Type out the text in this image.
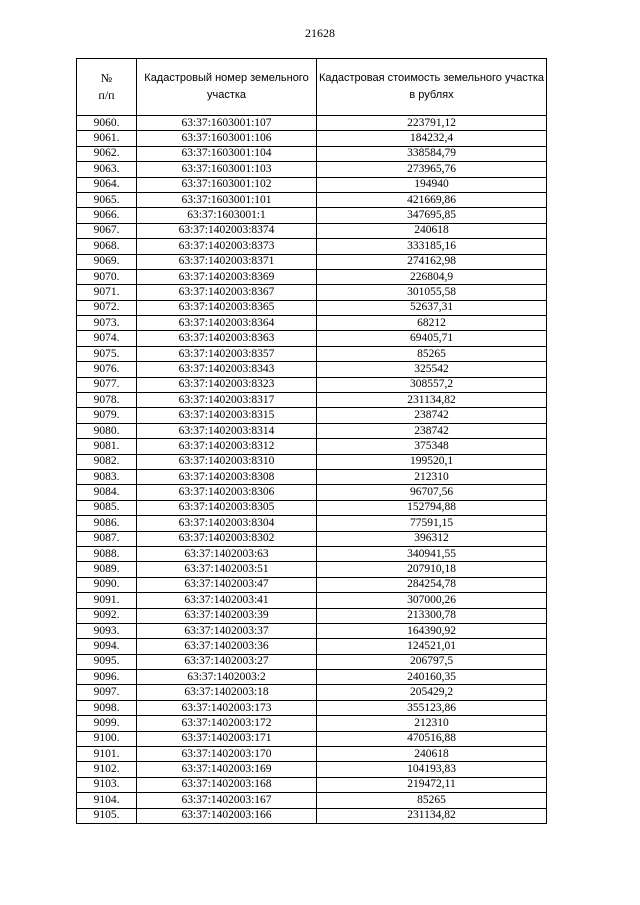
21628
№
п/п	Кадастровый номер земельного участка	Кадастровая стоимость земельного участка в рублях
9060.	63:37:1603001:107	223791,12
9061.	63:37:1603001:106	184232,4
9062.	63:37:1603001:104	338584,79
9063.	63:37:1603001:103	273965,76
9064.	63:37:1603001:102	194940
9065.	63:37:1603001:101	421669,86
9066.	63:37:1603001:1	347695,85
9067.	63:37:1402003:8374	240618
9068.	63:37:1402003:8373	333185,16
9069.	63:37:1402003:8371	274162,98
9070.	63:37:1402003:8369	226804,9
9071.	63:37:1402003:8367	301055,58
9072.	63:37:1402003:8365	52637,31
9073.	63:37:1402003:8364	68212
9074.	63:37:1402003:8363	69405,71
9075.	63:37:1402003:8357	85265
9076.	63:37:1402003:8343	325542
9077.	63:37:1402003:8323	308557,2
9078.	63:37:1402003:8317	231134,82
9079.	63:37:1402003:8315	238742
9080.	63:37:1402003:8314	238742
9081.	63:37:1402003:8312	375348
9082.	63:37:1402003:8310	199520,1
9083.	63:37:1402003:8308	212310
9084.	63:37:1402003:8306	96707,56
9085.	63:37:1402003:8305	152794,88
9086.	63:37:1402003:8304	77591,15
9087.	63:37:1402003:8302	396312
9088.	63:37:1402003:63	340941,55
9089.	63:37:1402003:51	207910,18
9090.	63:37:1402003:47	284254,78
9091.	63:37:1402003:41	307000,26
9092.	63:37:1402003:39	213300,78
9093.	63:37:1402003:37	164390,92
9094.	63:37:1402003:36	124521,01
9095.	63:37:1402003:27	206797,5
9096.	63:37:1402003:2	240160,35
9097.	63:37:1402003:18	205429,2
9098.	63:37:1402003:173	355123,86
9099.	63:37:1402003:172	212310
9100.	63:37:1402003:171	470516,88
9101.	63:37:1402003:170	240618
9102.	63:37:1402003:169	104193,83
9103.	63:37:1402003:168	219472,11
9104.	63:37:1402003:167	85265
9105.	63:37:1402003:166	231134,82
